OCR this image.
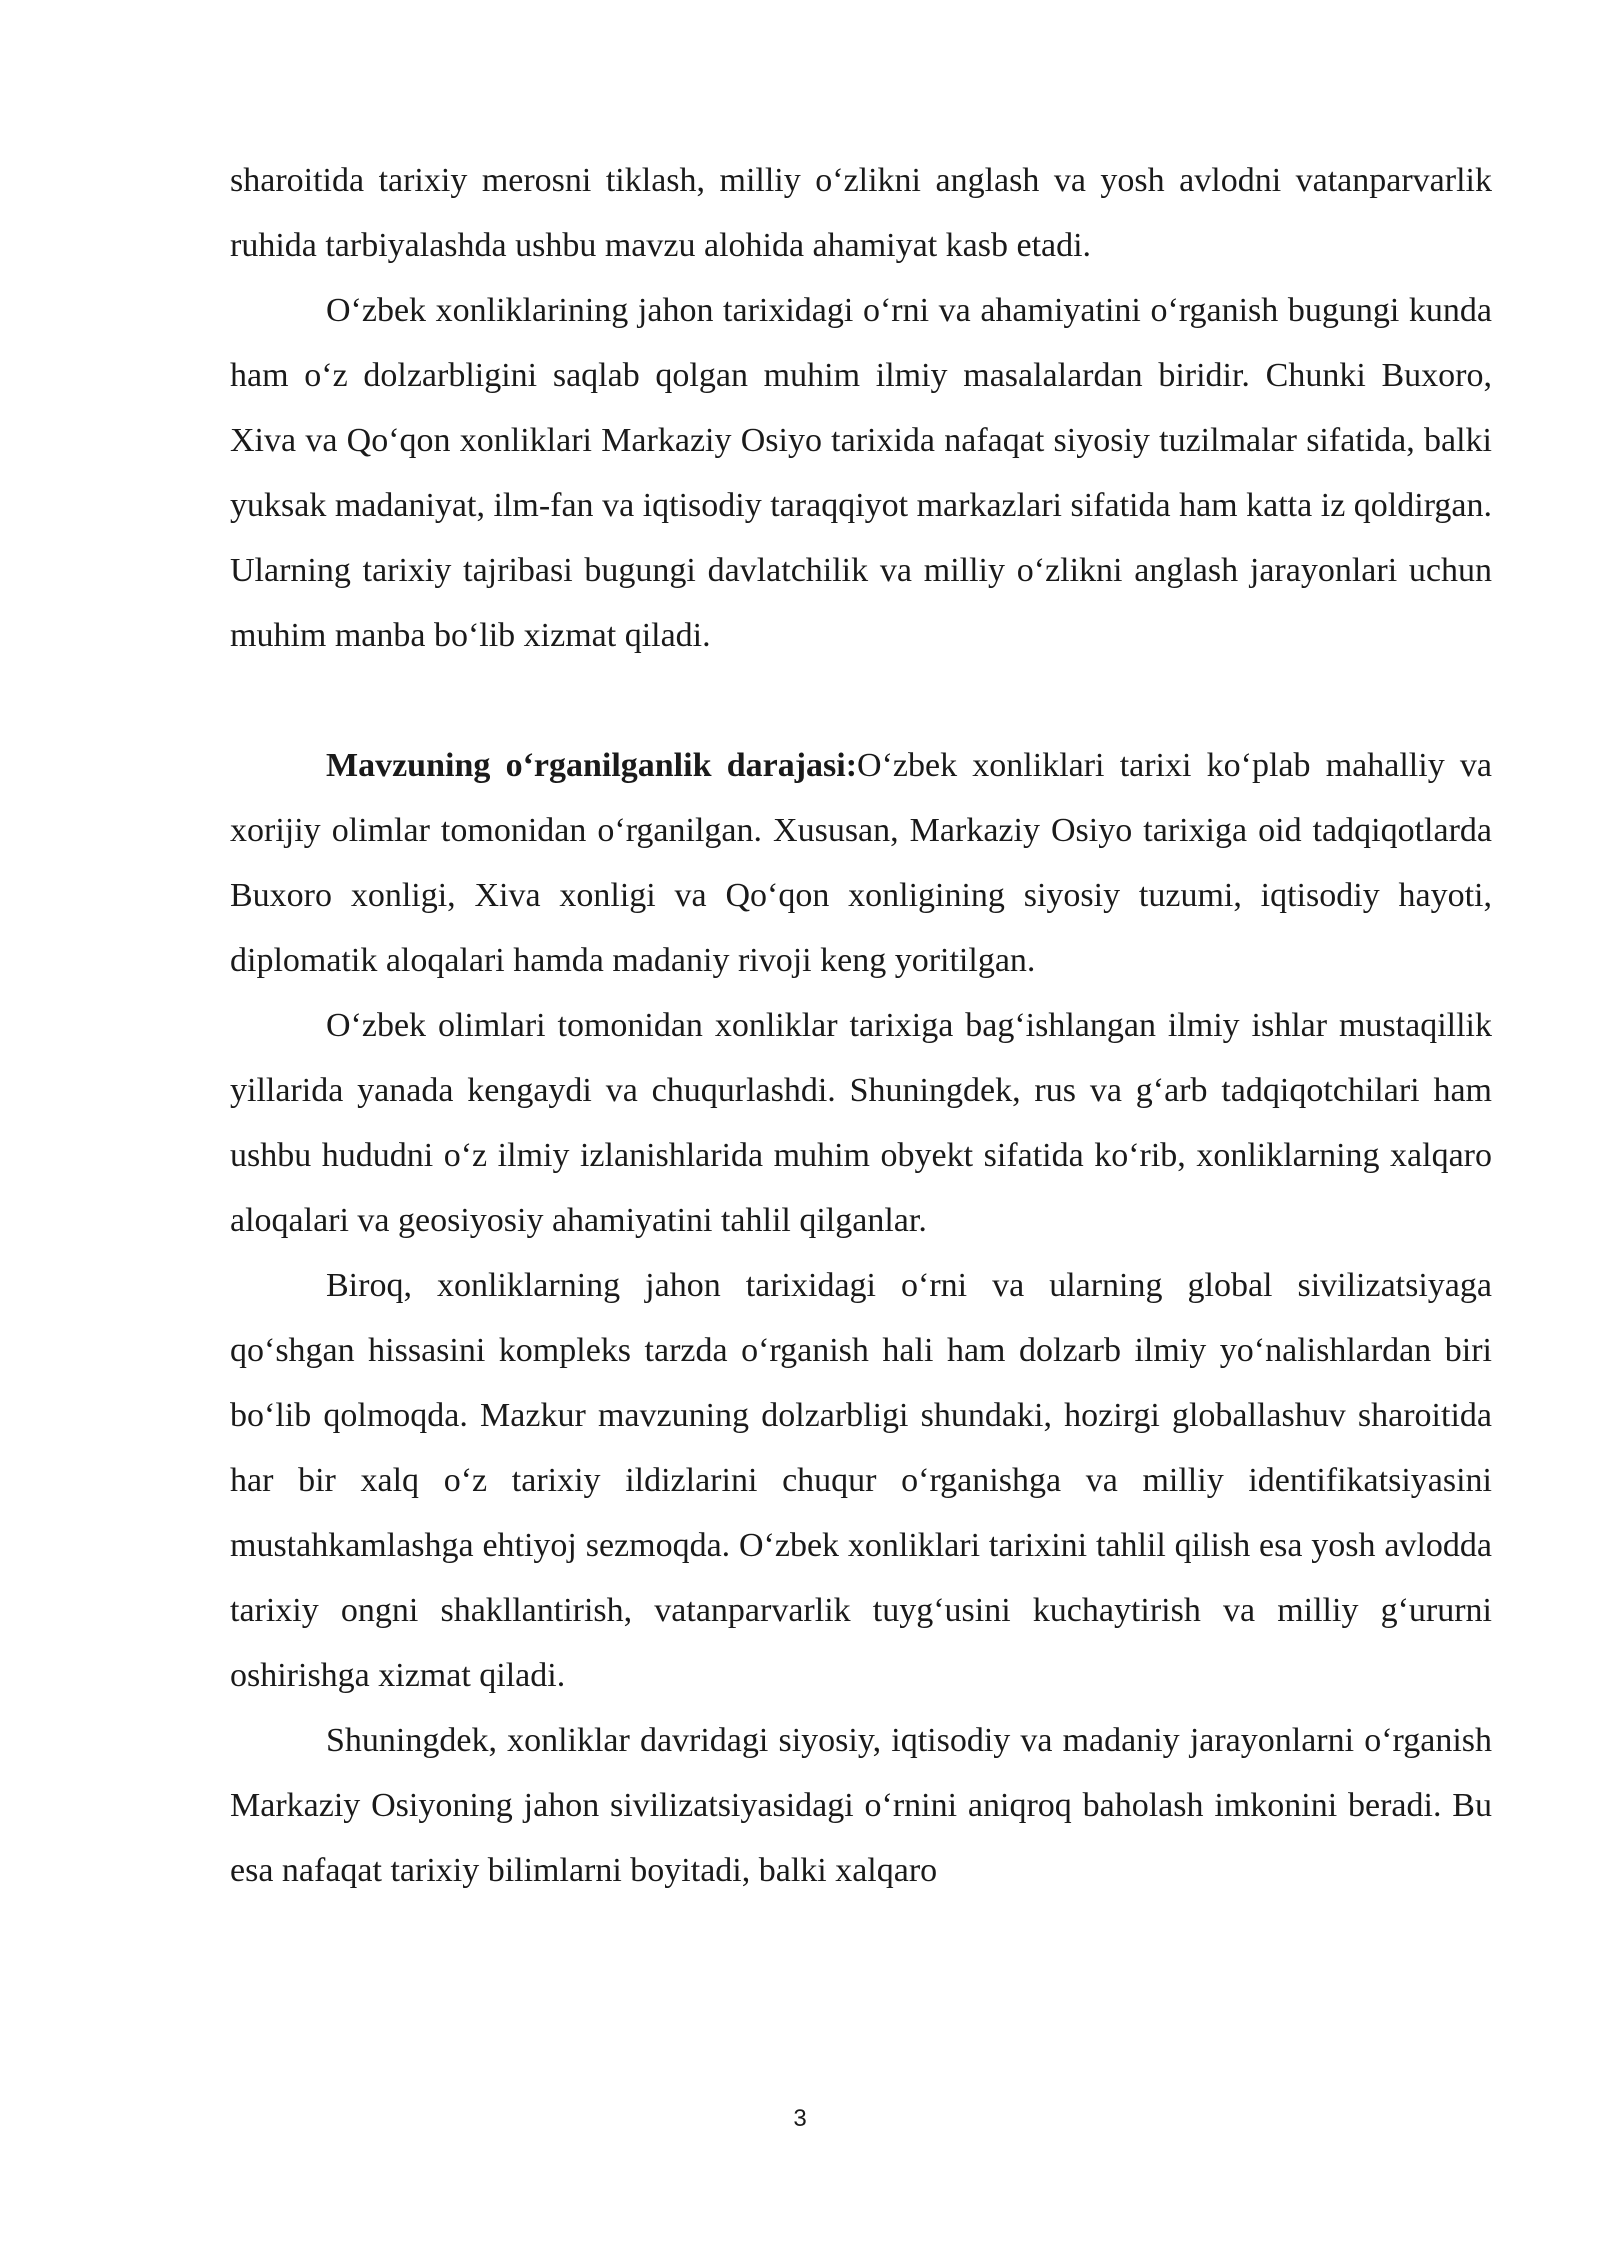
sharoitida tarixiy merosni tiklash, milliy o‘zlikni anglash va yosh avlodni vatanparvarlik ruhida tarbiyalashda ushbu mavzu alohida ahamiyat kasb etadi.

O‘zbek xonliklarining jahon tarixidagi o‘rni va ahamiyatini o‘rganish bugungi kunda ham o‘z dolzarbligini saqlab qolgan muhim ilmiy masalalardan biridir. Chunki Buxoro, Xiva va Qo‘qon xonliklari Markaziy Osiyo tarixida nafaqat siyosiy tuzilmalar sifatida, balki yuksak madaniyat, ilm-fan va iqtisodiy taraqqiyot markazlari sifatida ham katta iz qoldirgan. Ularning tarixiy tajribasi bugungi davlatchilik va milliy o‘zlikni anglash jarayonlari uchun muhim manba bo‘lib xizmat qiladi.

Mavzuning o‘rganilganlik darajasi:O‘zbek xonliklari tarixi ko‘plab mahalliy va xorijiy olimlar tomonidan o‘rganilgan. Xususan, Markaziy Osiyo tarixiga oid tadqiqotlarda Buxoro xonligi, Xiva xonligi va Qo‘qon xonligining siyosiy tuzumi, iqtisodiy hayoti, diplomatik aloqalari hamda madaniy rivoji keng yoritilgan.

O‘zbek olimlari tomonidan xonliklar tarixiga bag‘ishlangan ilmiy ishlar mustaqillik yillarida yanada kengaydi va chuqurlashdi. Shuningdek, rus va g‘arb tadqiqotchilari ham ushbu hududni o‘z ilmiy izlanishlarida muhim obyekt sifatida ko‘rib, xonliklarning xalqaro aloqalari va geosiyosiy ahamiyatini tahlil qilganlar.

Biroq, xonliklarning jahon tarixidagi o‘rni va ularning global sivilizatsiyaga qo‘shgan hissasini kompleks tarzda o‘rganish hali ham dolzarb ilmiy yo‘nalishlardan biri bo‘lib qolmoqda. Mazkur mavzuning dolzarbligi shundaki, hozirgi globallashuv sharoitida har bir xalq o‘z tarixiy ildizlarini chuqur o‘rganishga va milliy identifikatsiyasini mustahkamlashga ehtiyoj sezmoqda. O‘zbek xonliklari tarixini tahlil qilish esa yosh avlodda tarixiy ongni shakllantirish, vatanparvarlik tuyg‘usini kuchaytirish va milliy g‘ururni oshirishga xizmat qiladi.

Shuningdek, xonliklar davridagi siyosiy, iqtisodiy va madaniy jarayonlarni o‘rganish Markaziy Osiyoning jahon sivilizatsiyasidagi o‘rnini aniqroq baholash imkonini beradi. Bu esa nafaqat tarixiy bilimlarni boyitadi, balki xalqaro

3
